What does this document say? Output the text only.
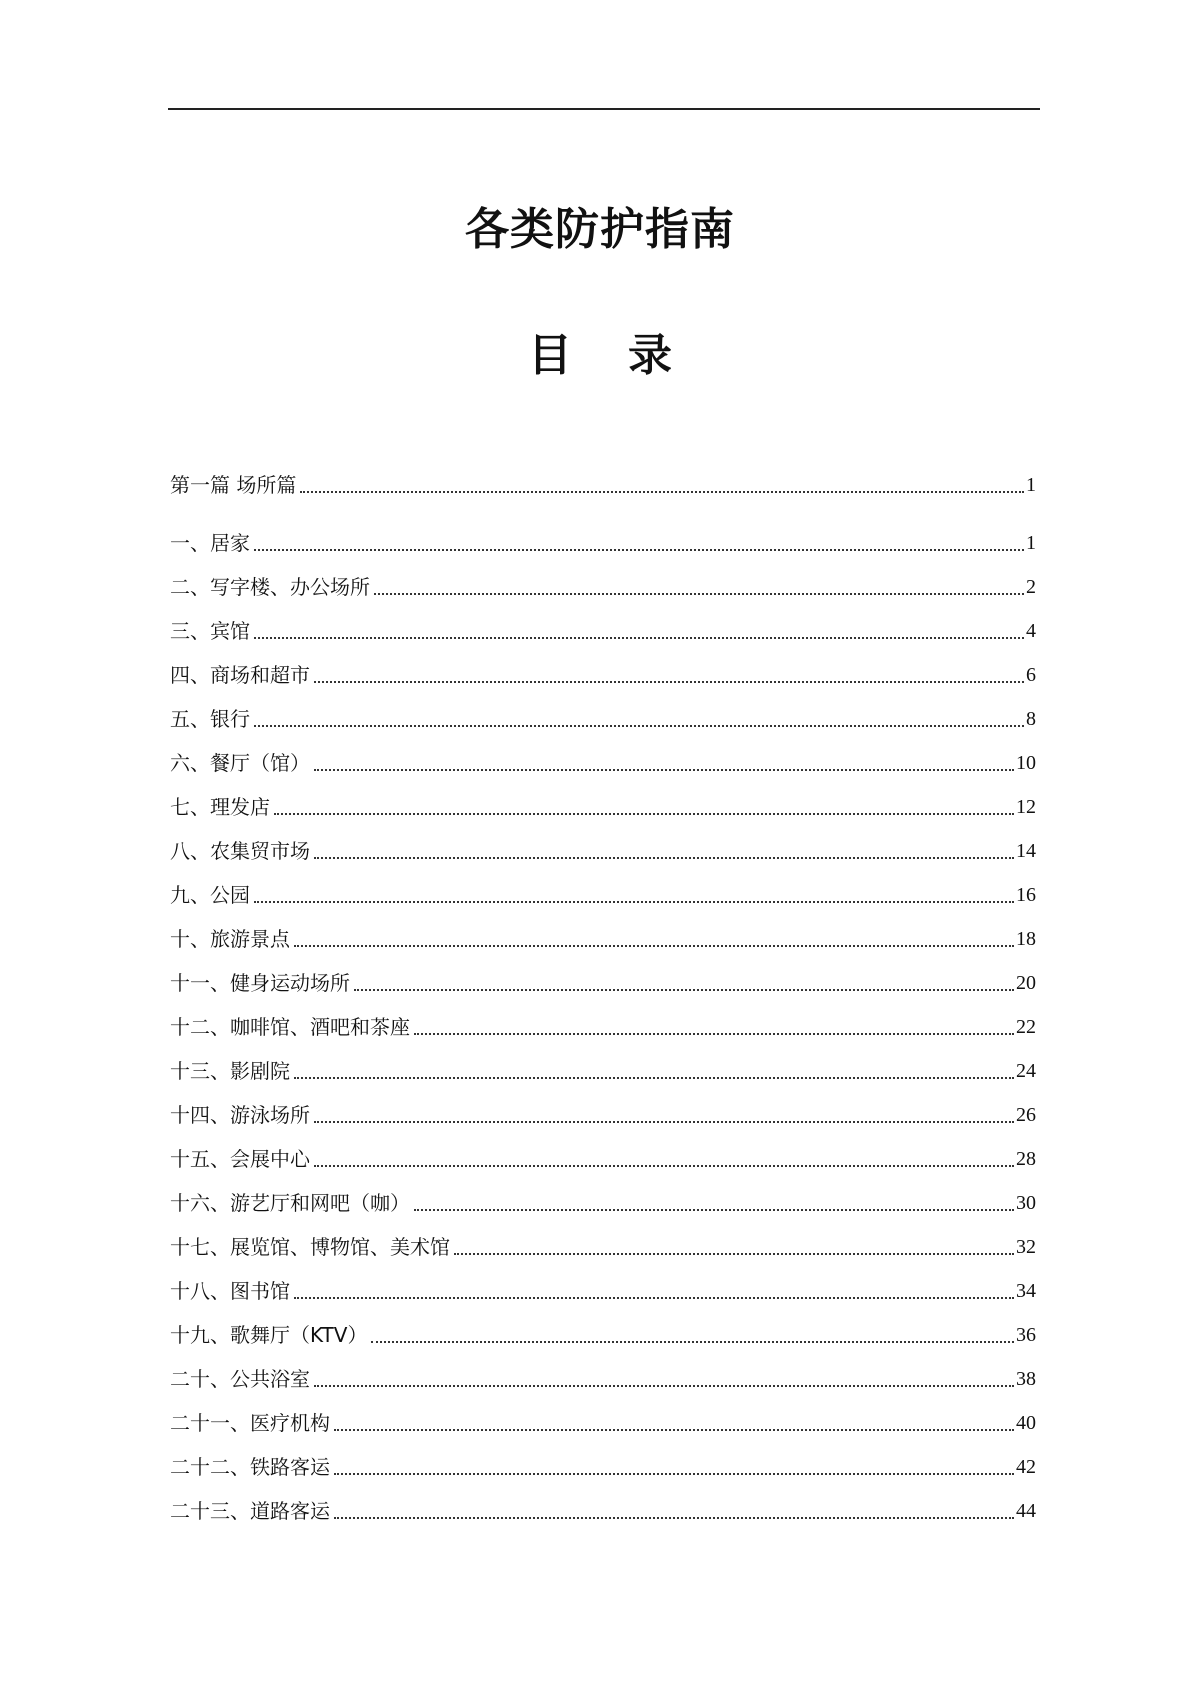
各类防护指南
目 录
第一篇 场所篇	1
一、居家	1
二、写字楼、办公场所	2
三、宾馆	4
四、商场和超市	6
五、银行	8
六、餐厅（馆）	10
七、理发店	12
八、农集贸市场	14
九、公园	16
十、旅游景点	18
十一、健身运动场所	20
十二、咖啡馆、酒吧和茶座	22
十三、影剧院	24
十四、游泳场所	26
十五、会展中心	28
十六、游艺厅和网吧（咖）	30
十七、展览馆、博物馆、美术馆	32
十八、图书馆	34
十九、歌舞厅（KTV）	36
二十、公共浴室	38
二十一、医疗机构	40
二十二、铁路客运	42
二十三、道路客运	44
